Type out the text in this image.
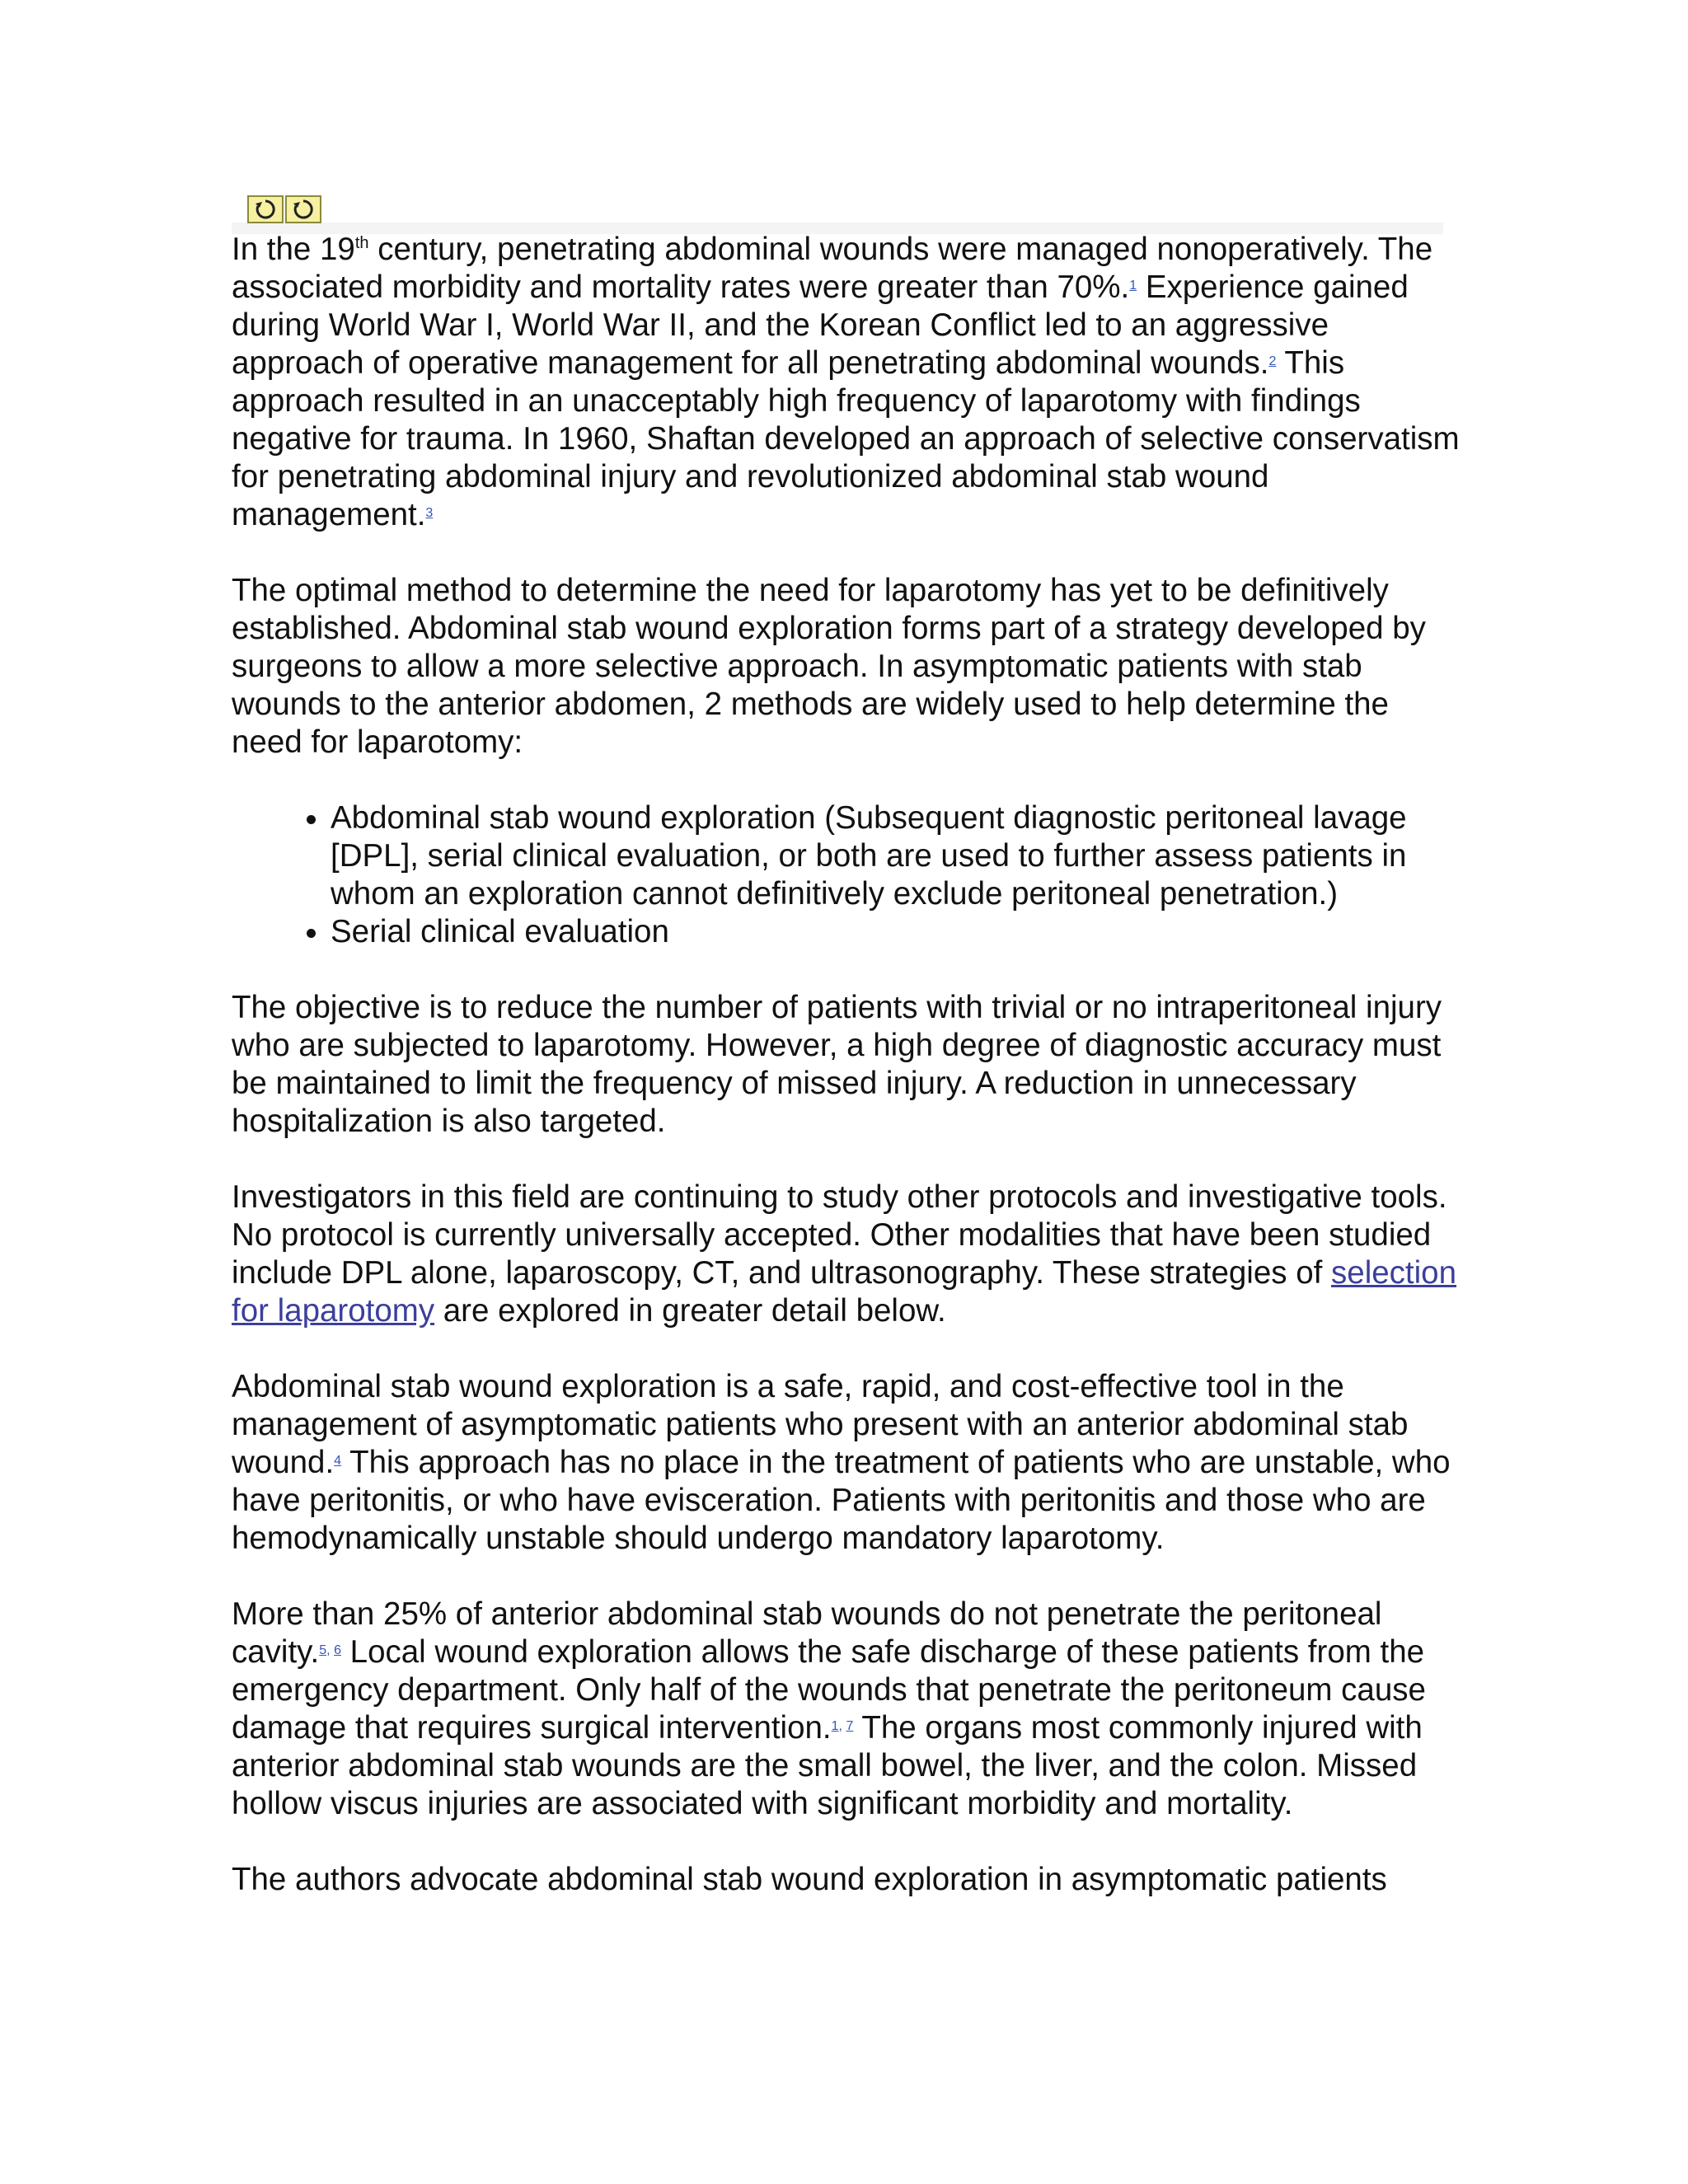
In the 19th century, penetrating abdominal wounds were managed nonoperatively. The associated morbidity and mortality rates were greater than 70%.$^1$ Experience gained during World War I, World War II, and the Korean Conflict led to an aggressive approach of operative management for all penetrating abdominal wounds.$^2$ This approach resulted in an unacceptably high frequency of laparotomy with findings negative for trauma. In 1960, Shaftan developed an approach of selective conservatism for penetrating abdominal injury and revolutionized abdominal stab wound management.$^3$

The optimal method to determine the need for laparotomy has yet to be definitively established. Abdominal stab wound exploration forms part of a strategy developed by surgeons to allow a more selective approach. In asymptomatic patients with stab wounds to the anterior abdomen, 2 methods are widely used to help determine the need for laparotomy:

• Abdominal stab wound exploration (Subsequent diagnostic peritoneal lavage [DPL], serial clinical evaluation, or both are used to further assess patients in whom an exploration cannot definitively exclude peritoneal penetration.)
• Serial clinical evaluation

The objective is to reduce the number of patients with trivial or no intraperitoneal injury who are subjected to laparotomy. However, a high degree of diagnostic accuracy must be maintained to limit the frequency of missed injury. A reduction in unnecessary hospitalization is also targeted.

Investigators in this field are continuing to study other protocols and investigative tools. No protocol is currently universally accepted. Other modalities that have been studied include DPL alone, laparoscopy, CT, and ultrasonography. These strategies of selection for laparotomy are explored in greater detail below.

Abdominal stab wound exploration is a safe, rapid, and cost-effective tool in the management of asymptomatic patients who present with an anterior abdominal stab wound.$^4$ This approach has no place in the treatment of patients who are unstable, who have peritonitis, or who have evisceration. Patients with peritonitis and those who are hemodynamically unstable should undergo mandatory laparotomy.

More than 25% of anterior abdominal stab wounds do not penetrate the peritoneal cavity.$^{5,}$ $^6$ Local wound exploration allows the safe discharge of these patients from the emergency department. Only half of the wounds that penetrate the peritoneum cause damage that requires surgical intervention.$^{1,}$ $^7$ The organs most commonly injured with anterior abdominal stab wounds are the small bowel, the liver, and the colon. Missed hollow viscus injuries are associated with significant morbidity and mortality.

The authors advocate abdominal stab wound exploration in asymptomatic patients
